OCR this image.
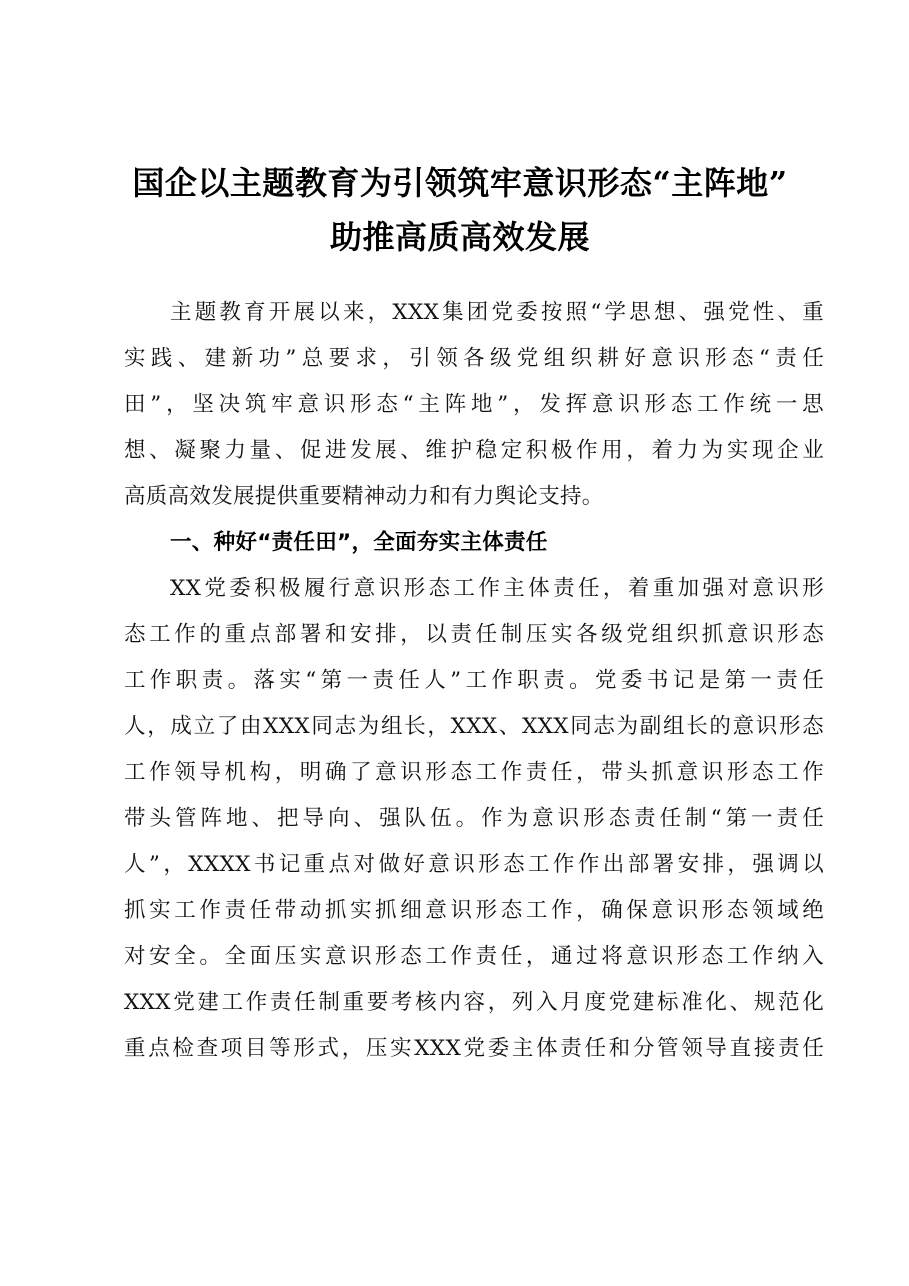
国企以主题教育为引领筑牢意识形态“主阵地”
助推高质高效发展
主题教育开展以来，XXX集团党委按照“学思想、强党性、重
实践、建新功”总要求，引领各级党组织耕好意识形态“责任
田”，坚决筑牢意识形态“主阵地”，发挥意识形态工作统一思
想、凝聚力量、促进发展、维护稳定积极作用，着力为实现企业
高质高效发展提供重要精神动力和有力舆论支持。
一、种好“责任田”，全面夯实主体责任
XX党委积极履行意识形态工作主体责任，着重加强对意识形
态工作的重点部署和安排，以责任制压实各级党组织抓意识形态
工作职责。落实“第一责任人”工作职责。党委书记是第一责任
人，成立了由XXX同志为组长，XXX、XXX同志为副组长的意识形态
工作领导机构，明确了意识形态工作责任，带头抓意识形态工作
带头管阵地、把导向、强队伍。作为意识形态责任制“第一责任
人”，XXXX书记重点对做好意识形态工作作出部署安排，强调以
抓实工作责任带动抓实抓细意识形态工作，确保意识形态领域绝
对安全。全面压实意识形态工作责任，通过将意识形态工作纳入
XXX党建工作责任制重要考核内容，列入月度党建标准化、规范化
重点检查项目等形式，压实XXX党委主体责任和分管领导直接责任
